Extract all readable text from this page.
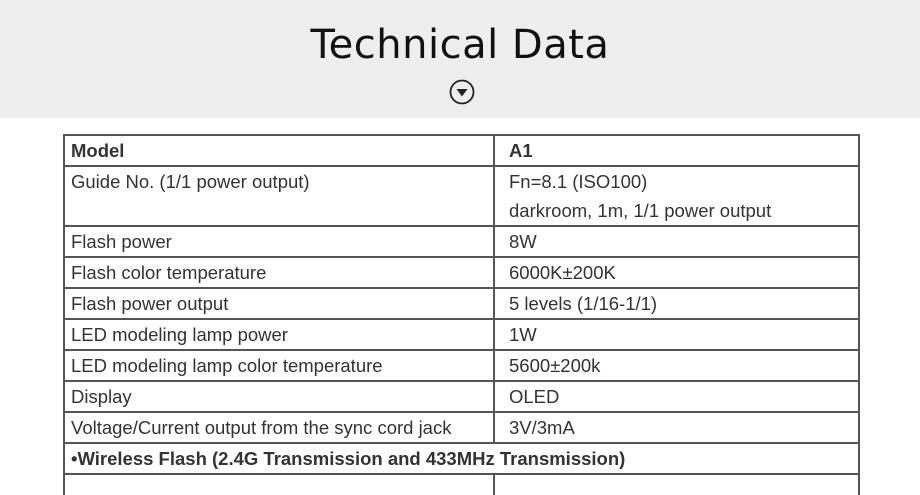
Technical Data
Model	A1
Guide No. (1/1 power output)	Fn=8.1 (ISO100)
darkroom, 1m, 1/1 power output

Flash power	8W
Flash color temperature	6000K±200K
Flash power output	5 levels (1/16-1/1)
LED modeling lamp power	1W
LED modeling lamp color temperature	5600±200k
Display	OLED
Voltage/Current output from the sync cord jack	3V/3mA
•Wireless Flash (2.4G Transmission and 433MHz Transmission)	
